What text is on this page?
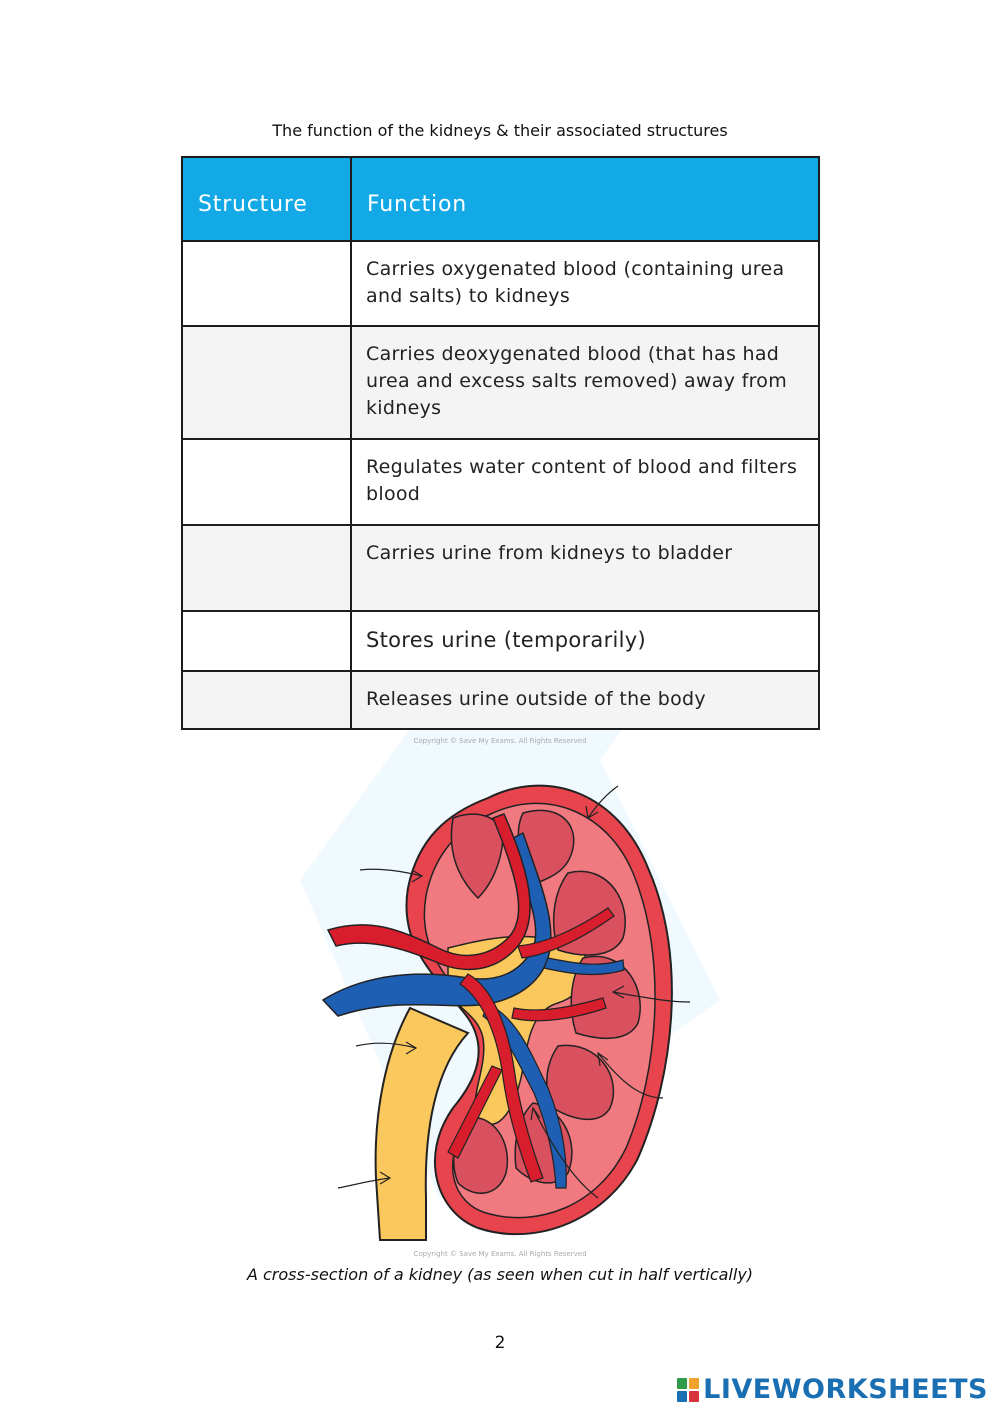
The function of the kidneys & their associated structures
Structure	Function
Carries oxygenated blood (containing urea and salts) to kidneys
Carries deoxygenated blood (that has had urea and excess salts removed) away from kidneys
Regulates water content of blood and filters blood
Carries urine from kidneys to bladder
Stores urine (temporarily)
Releases urine outside of the body
Copyright © Save My Exams. All Rights Reserved
Copyright © Save My Exams. All Rights Reserved
A cross-section of a kidney (as seen when cut in half vertically)
2
LIVEWORKSHEETS
